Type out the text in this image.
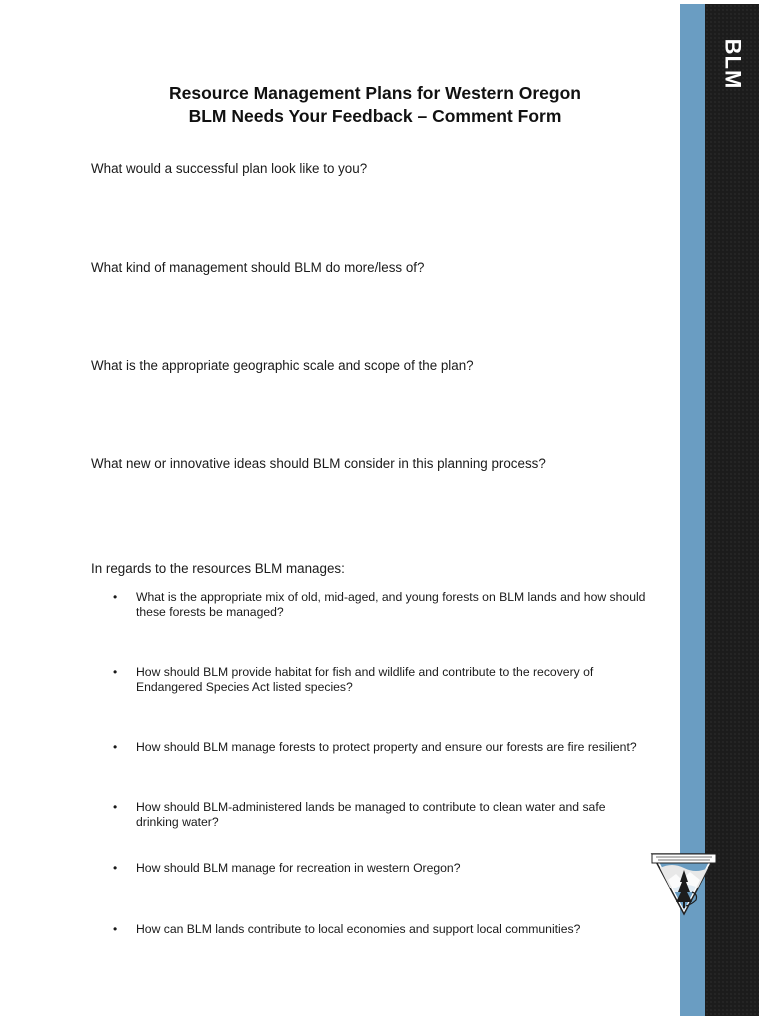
Resource Management Plans for Western Oregon
BLM Needs Your Feedback – Comment Form
What would a successful plan look like to you?
What kind of management should BLM do more/less of?
What is the appropriate geographic scale and scope of the plan?
What new or innovative ideas should BLM consider in this planning process?
In regards to the resources BLM manages:
• What is the appropriate mix of old, mid-aged, and young forests on BLM lands and how should
these forests be managed?
• How should BLM provide habitat for fish and wildlife and contribute to the recovery of
Endangered Species Act listed species?
• How should BLM manage forests to protect property and ensure our forests are fire resilient?
• How should BLM-administered lands be managed to contribute to clean water and safe
drinking water?
• How should BLM manage for recreation in western Oregon?
• How can BLM lands contribute to local economies and support local communities?
BLM
